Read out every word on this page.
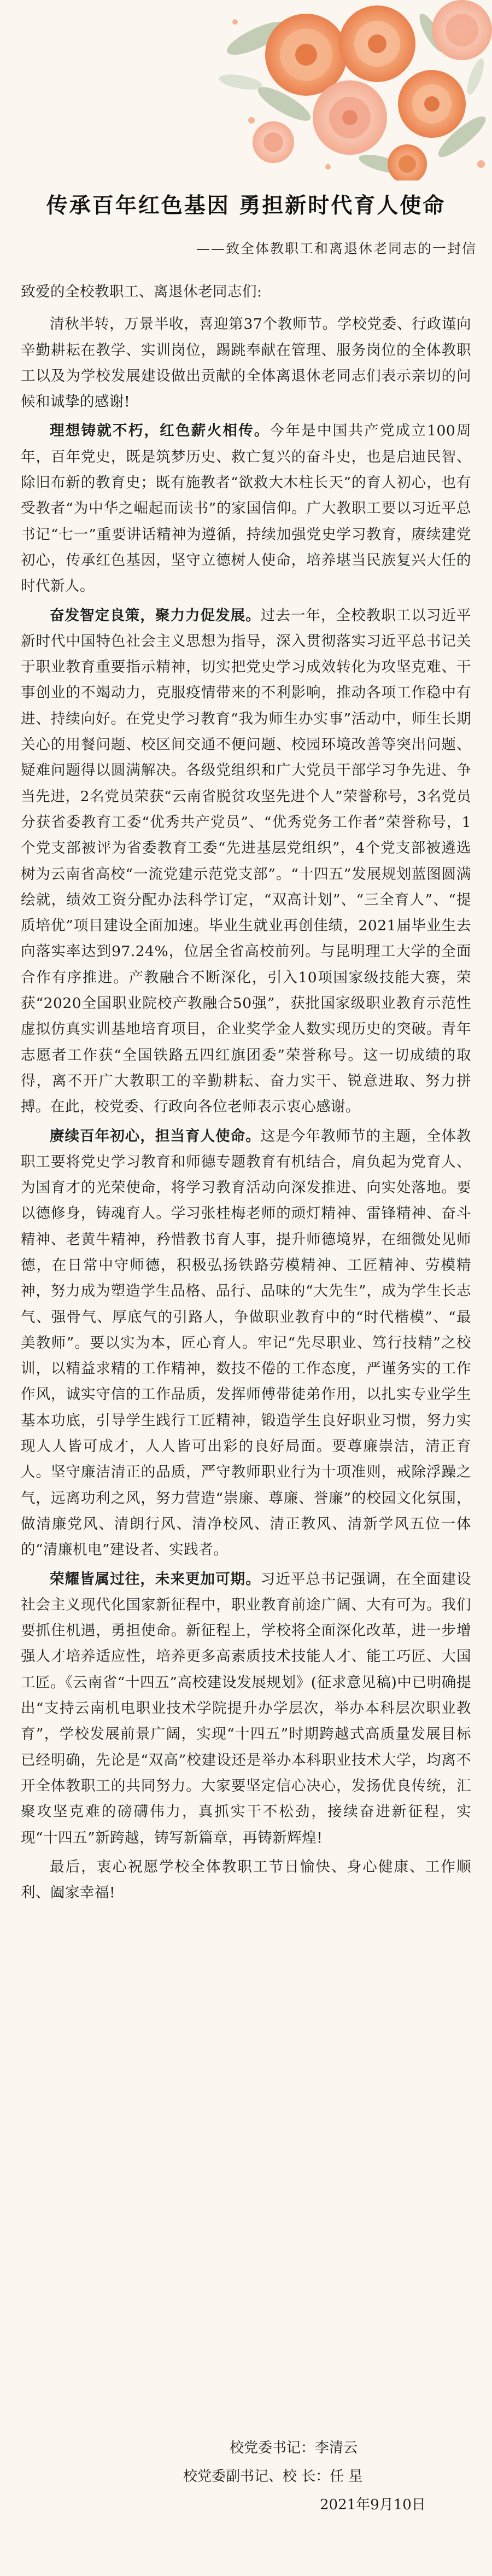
传承百年红色基因 勇担新时代育人使命
——致全体教职工和离退休老同志的一封信

致爱的全校教职工、离退休老同志们:

清秋半转，万景半收，喜迎第37个教师节。学校党委、行政谨向辛勤耕耘在教学、实训岗位，踢跳奉献在管理、服务岗位的全体教职工以及为学校发展建设做出贡献的全体离退休老同志们表示亲切的问候和诚挚的感谢!

理想铸就不朽，红色薪火相传。今年是中国共产党成立100周年，百年党史，既是筑梦历史、救亡复兴的奋斗史，也是启迪民智、除旧布新的教育史；既有施教者“欲救大木柱长天”的育人初心，也有受教者“为中华之崛起而读书”的家国信仰。广大教职工要以习近平总书记“七一”重要讲话精神为遵循，持续加强党史学习教育，赓续建党初心，传承红色基因，坚守立德树人使命，培养堪当民族复兴大任的时代新人。

奋发智定良策，聚力力促发展。过去一年，全校教职工以习近平新时代中国特色社会主义思想为指导，深入贯彻落实习近平总书记关于职业教育重要指示精神，切实把党史学习成效转化为攻坚克难、干事创业的不竭动力，克服疫情带来的不利影响，推动各项工作稳中有进、持续向好。在党史学习教育“我为师生办实事”活动中，师生长期关心的用餐问题、校区间交通不便问题、校园环境改善等突出问题、疑难问题得以圆满解决。各级党组织和广大党员干部学习争先进、争当先进，2名党员荣获“云南省脱贫攻坚先进个人”荣誉称号，3名党员分获省委教育工委“优秀共产党员”、“优秀党务工作者”荣誉称号，1个党支部被评为省委教育工委“先进基层党组织”，4个党支部被遴选树为云南省高校“一流党建示范党支部”。“十四五”发展规划蓝图圆满绘就，绩效工资分配办法科学订定，“双高计划”、“三全育人”、“提质培优”项目建设全面加速。毕业生就业再创佳绩，2021届毕业生去向落实率达到97.24%，位居全省高校前列。与昆明理工大学的全面合作有序推进。产教融合不断深化，引入10项国家级技能大赛，荣获“2020全国职业院校产教融合50强”，获批国家级职业教育示范性虚拟仿真实训基地培育项目，企业奖学金人数实现历史的突破。青年志愿者工作获“全国铁路五四红旗团委”荣誉称号。这一切成绩的取得，离不开广大教职工的辛勤耕耘、奋力实干、锐意进取、努力拼搏。在此，校党委、行政向各位老师表示衷心感谢。

赓续百年初心，担当育人使命。这是今年教师节的主题，全体教职工要将党史学习教育和师德专题教育有机结合，肩负起为党育人、为国育才的光荣使命，将学习教育活动向深发推进、向实处落地。要以德修身，铸魂育人。学习张桂梅老师的顽灯精神、雷锋精神、奋斗精神、老黄牛精神，矜惜教书育人事，提升师德境界，在细微处见师德，在日常中守师德，积极弘扬铁路劳模精神、工匠精神、劳模精神，努力成为塑造学生品格、品行、品味的“大先生”，成为学生长志气、强骨气、厚底气的引路人，争做职业教育中的“时代楷模”、“最美教师”。要以实为本，匠心育人。牢记“先尽职业、笃行技精”之校训，以精益求精的工作精神，数技不倦的工作态度，严谨务实的工作作风，诚实守信的工作品质，发挥师傅带徒弟作用，以扎实专业学生基本功底，引导学生践行工匠精神，锻造学生良好职业习惯，努力实现人人皆可成才，人人皆可出彩的良好局面。要尊廉崇洁，清正育人。坚守廉洁清正的品质，严守教师职业行为十项准则，戒除浮躁之气，远离功利之风，努力营造“崇廉、尊廉、誉廉”的校园文化氛围，做清廉党风、清朗行风、清净校风、清正教风、清新学风五位一体的“清廉机电”建设者、实践者。

荣耀皆属过往，未来更加可期。习近平总书记强调，在全面建设社会主义现代化国家新征程中，职业教育前途广阔、大有可为。我们要抓住机遇，勇担使命。新征程上，学校将全面深化改革，进一步增强人才培养适应性，培养更多高素质技术技能人才、能工巧匠、大国工匠。《云南省“十四五”高校建设发展规划》(征求意见稿)中已明确提出“支持云南机电职业技术学院提升办学层次，举办本科层次职业教育”，学校发展前景广阔，实现“十四五”时期跨越式高质量发展目标已经明确，先论是“双高”校建设还是举办本科职业技术大学，均离不开全体教职工的共同努力。大家要坚定信心决心，发扬优良传统，汇聚攻坚克难的磅礴伟力，真抓实干不松劲，接续奋进新征程，实现“十四五”新跨越，铸写新篇章，再铸新辉煌!

最后，衷心祝愿学校全体教职工节日愉快、身心健康、工作顺利、阖家幸福!

校党委书记：李清云
校党委副书记、校 长：任 星
2021年9月10日
